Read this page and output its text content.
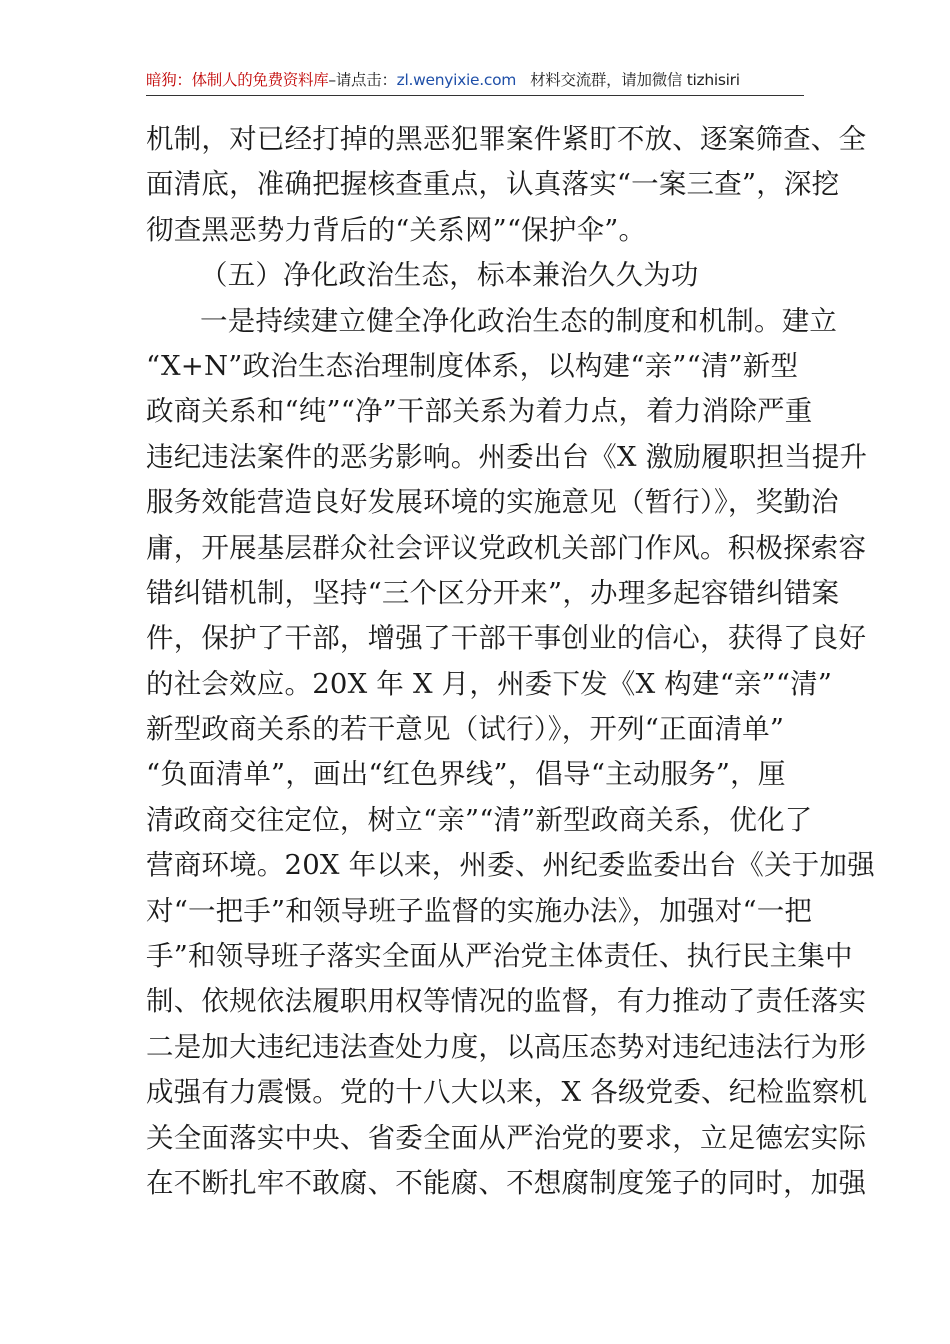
暗狗：体制人的免费资料库–请点击：zl.wenyixie.com 材料交流群，请加微信 tizhisiri
机制，对已经打掉的黑恶犯罪案件紧盯不放、逐案筛查、全
面清底，准确把握核查重点，认真落实“一案三查”，深挖
彻查黑恶势力背后的“关系网”“保护伞”。
（五）净化政治生态，标本兼治久久为功
一是持续建立健全净化政治生态的制度和机制。建立
“X+N”政治生态治理制度体系，以构建“亲”“清”新型
政商关系和“纯”“净”干部关系为着力点，着力消除严重
违纪违法案件的恶劣影响。州委出台《X 激励履职担当提升
服务效能营造良好发展环境的实施意见（暂行）》，奖勤治
庸，开展基层群众社会评议党政机关部门作风。积极探索容
错纠错机制，坚持“三个区分开来”，办理多起容错纠错案
件，保护了干部，增强了干部干事创业的信心，获得了良好
的社会效应。20X 年 X 月，州委下发《X 构建“亲”“清”
新型政商关系的若干意见（试行）》，开列“正面清单”
“负面清单”，画出“红色界线”，倡导“主动服务”，厘
清政商交往定位，树立“亲”“清”新型政商关系，优化了
营商环境。20X 年以来，州委、州纪委监委出台《关于加强
对“一把手”和领导班子监督的实施办法》，加强对“一把
手”和领导班子落实全面从严治党主体责任、执行民主集中
制、依规依法履职用权等情况的监督，有力推动了责任落实
二是加大违纪违法查处力度，以高压态势对违纪违法行为形
成强有力震慑。党的十八大以来，X 各级党委、纪检监察机
关全面落实中央、省委全面从严治党的要求，立足德宏实际
在不断扎牢不敢腐、不能腐、不想腐制度笼子的同时，加强
